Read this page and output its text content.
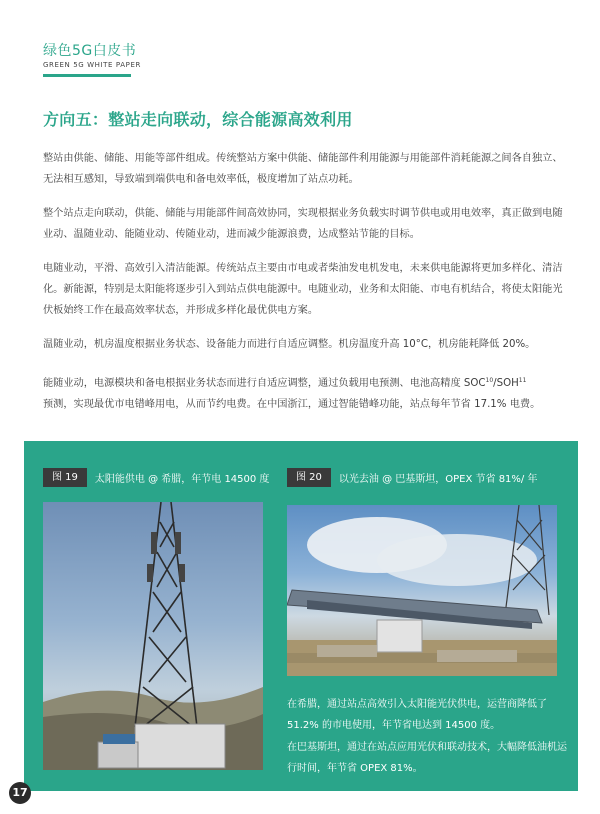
绿色5G白皮书
GREEN 5G WHITE PAPER
方向五：整站走向联动，综合能源高效利用

整站由供能、储能、用能等部件组成。传统整站方案中供能、储能部件利用能源与用能部件消耗能源之间各自独立、无法相互感知，导致端到端供电和备电效率低，极度增加了站点功耗。

整个站点走向联动，供能、储能与用能部件间高效协同，实现根据业务负载实时调节供电或用电效率，真正做到电随业动、温随业动、能随业动、传随业动，进而减少能源浪费，达成整站节能的目标。

电随业动，平滑、高效引入清洁能源。传统站点主要由市电或者柴油发电机发电，未来供电能源将更加多样化、清洁化。新能源，特别是太阳能将逐步引入到站点供电能源中。电随业动，业务和太阳能、市电有机结合，将使太阳能光伏板始终工作在最高效率状态，并形成多样化最优供电方案。

温随业动，机房温度根据业务状态、设备能力而进行自适应调整。机房温度升高 10°C，机房能耗降低 20%。

能随业动，电源模块和备电根据业务状态而进行自适应调整，通过负载用电预测、电池高精度 SOC$^{10}$/SOH$^{11}$
预测，实现最优市电错峰用电，从而节约电费。在中国浙江，通过智能错峰功能，站点每年节省 17.1% 电费。

图 19	太阳能供电 @ 希腊，年节电 14500 度	图 20	以光去油 @ 巴基斯坦，OPEX 节省 81%/ 年

在希腊，通过站点高效引入太阳能光伏供电，运营商降低了 51.2% 的市电使用，年节省电达到 14500 度。

在巴基斯坦，通过在站点应用光伏和联动技术，大幅降低油机运行时间，年节省 OPEX 81%。

17
